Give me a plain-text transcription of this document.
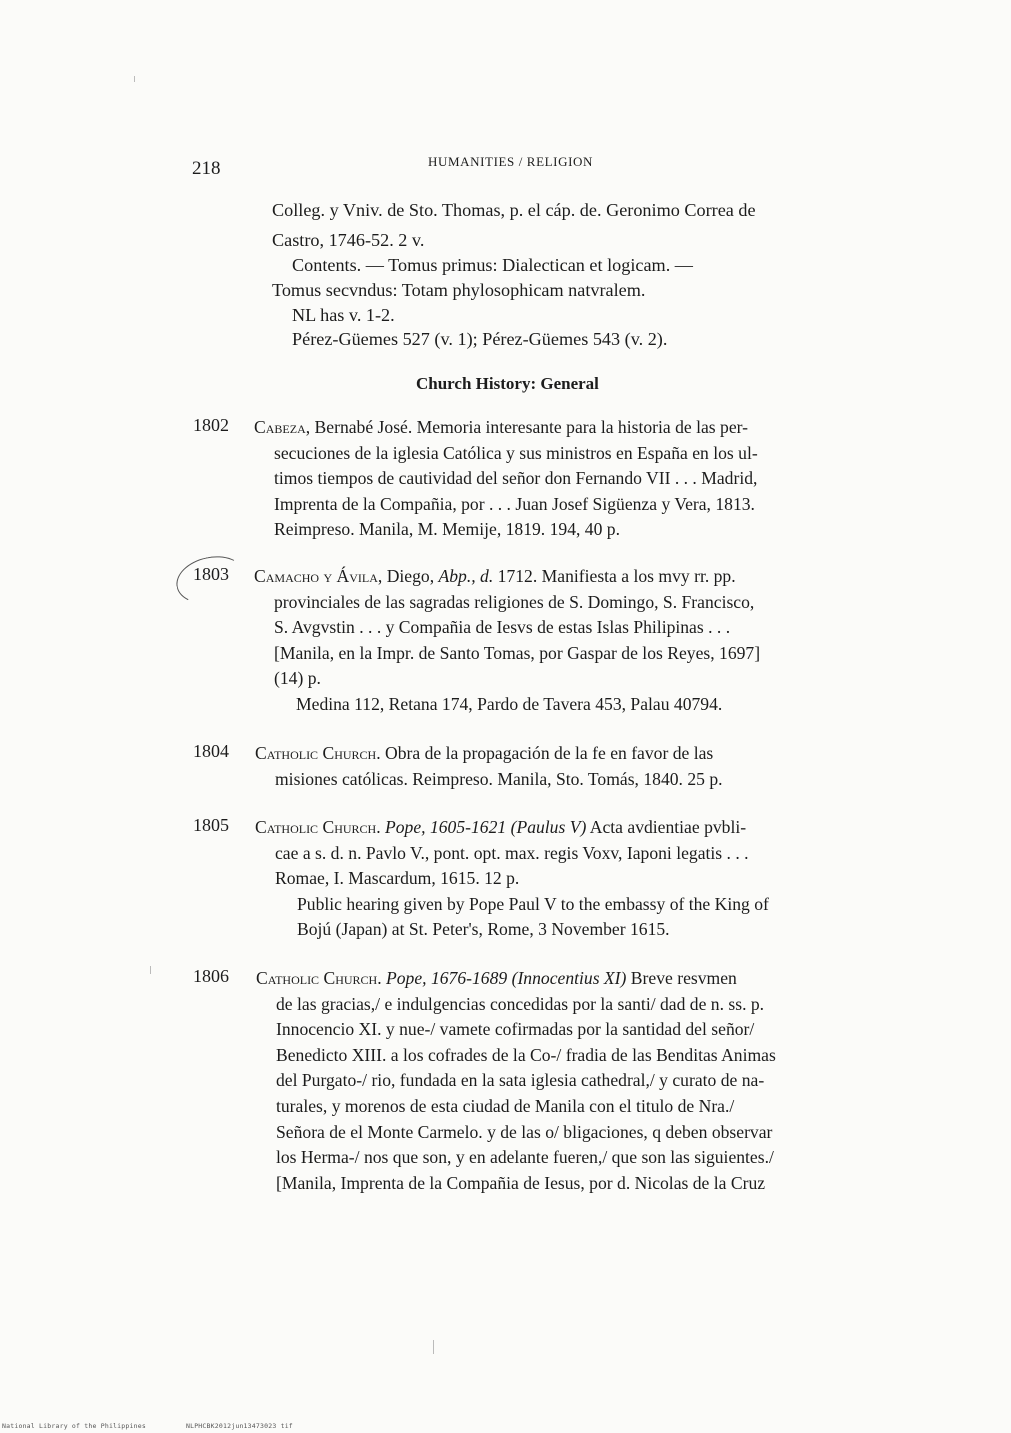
218	HUMANITIES / RELIGION
Colleg. y Vniv. de Sto. Thomas, p. el cáp. de. Geronimo Correa de
Castro, 1746-52. 2 v.
Contents. — Tomus primus: Dialectican et logicam. —
Tomus secvndus: Totam phylosophicam natvralem.
NL has v. 1-2.
Pérez-Güemes 527 (v. 1); Pérez-Güemes 543 (v. 2).
Church History: General
1802 Cabeza, Bernabé José. Memoria interesante para la historia de las per-

secuciones de la iglesia Católica y sus ministros en España en los ul-

timos tiempos de cautividad del señor don Fernando VII . . . Madrid,

Imprenta de la Compañia, por . . . Juan Josef Sigüenza y Vera, 1813.

Reimpreso. Manila, M. Memije, 1819. 194, 40 p.

1803 Camacho y Ávila, Diego, Abp., d. 1712. Manifiesta a los mvy rr. pp.

provinciales de las sagradas religiones de S. Domingo, S. Francisco,

S. Avgvstin . . . y Compañia de Iesvs de estas Islas Philipinas . . .

[Manila, en la Impr. de Santo Tomas, por Gaspar de los Reyes, 1697]

(14) p.

Medina 112, Retana 174, Pardo de Tavera 453, Palau 40794.

1804 Catholic Church. Obra de la propagación de la fe en favor de las

misiones católicas. Reimpreso. Manila, Sto. Tomás, 1840. 25 p.

1805 Catholic Church. Pope, 1605-1621 (Paulus V) Acta avdientiae pvbli-

cae a s. d. n. Pavlo V., pont. opt. max. regis Voxv, Iaponi legatis . . .

Romae, I. Mascardum, 1615. 12 p.

Public hearing given by Pope Paul V to the embassy of the King of

Bojú (Japan) at St. Peter's, Rome, 3 November 1615.

1806 Catholic Church. Pope, 1676-1689 (Innocentius XI) Breve resvmen

de las gracias,/ e indulgencias concedidas por la santi/ dad de n. ss. p.

Innocencio XI. y nue-/ vamete cofirmadas por la santidad del señor/

Benedicto XIII. a los cofrades de la Co-/ fradia de las Benditas Animas

del Purgato-/ rio, fundada en la sata iglesia cathedral,/ y curato de na-

turales, y morenos de esta ciudad de Manila con el titulo de Nra./

Señora de el Monte Carmelo. y de las o/ bligaciones, q deben observar

los Herma-/ nos que son, y en adelante fueren,/ que son las siguientes./

[Manila, Imprenta de la Compañia de Iesus, por d. Nicolas de la Cruz

National Library of the Philippines	NLPHCBK2012jun13473023 tif
